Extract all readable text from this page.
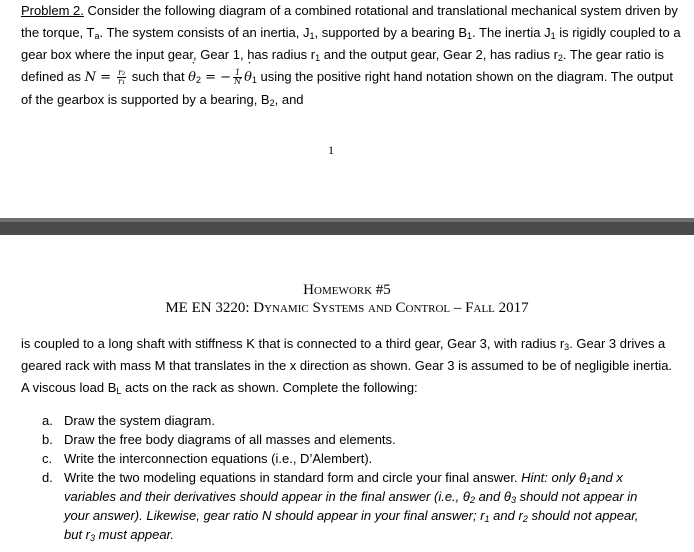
Problem 2. Consider the following diagram of a combined rotational and translational mechanical system driven by the torque, $T_a$. The system consists of an inertia, $J_1$, supported by a bearing $B_1$. The inertia $J_1$ is rigidly coupled to a gear box where the input gear, Gear 1, has radius $r_1$ and the output gear, Gear 2, has radius $r_2$. The gear ratio is defined as $N = \frac{\text{r₂}}{\text{r₁}}$ such that θ $˙_2$ = − $\frac{1}{N}$ θ $˙_1$ using the positive right hand notation shown on the diagram. The output of the gearbox is supported by a bearing, $B_2$, and

1
Homework #5
ME EN 3220: Dynamic Systems and Control – Fall 2017

is coupled to a long shaft with stiffness K that is connected to a third gear, Gear 3, with radius $r_3$. Gear 3 drives a geared rack with mass M that translates in the x direction as shown. Gear 3 is assumed to be of negligible inertia. A viscous load $B_L$ acts on the rack as shown. Complete the following:

a. Draw the system diagram.
b. Draw the free body diagrams of all masses and elements.
c. Write the interconnection equations (i.e., D’Alembert).
d. Write the two modeling equations in standard form and circle your final answer. Hint: only $\theta_1and$ x variables and their derivatives should appear in the final answer (i.e., $\theta_2$ and $\theta_3$ should not appear in your answer). Likewise, gear ratio N should appear in your final answer; $r_1$ and $r_2$ should not appear, but $r_3$ must appear.
